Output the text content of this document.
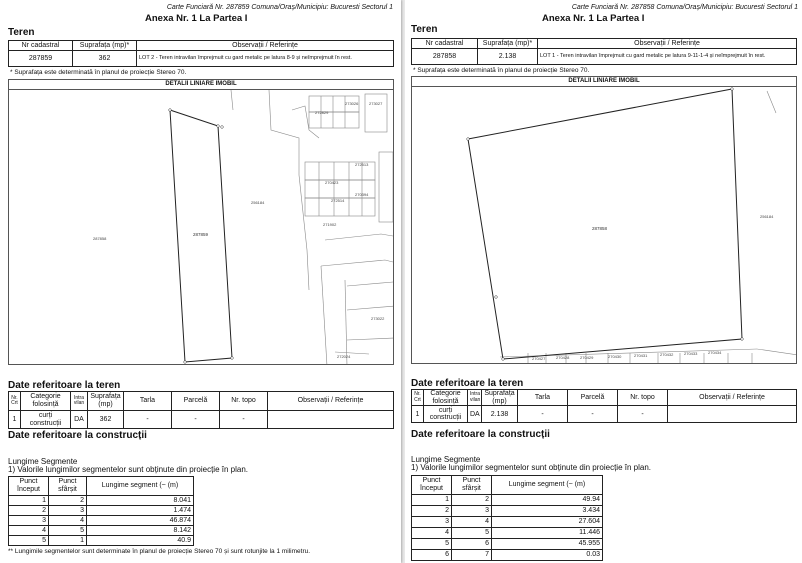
Carte Funciară Nr. 287859 Comuna/Oraș/Municipiu: Bucuresti Sectorul 1
Anexa Nr. 1 La Partea I
Teren
Nr cadastral	Suprafața (mp)*	Observații / Referințe
287859	362	LOT 2 - Teren intravilan împrejmuit cu gard metalic pe latura 8-9 și neîmprejmuit în rest.
* Suprafața este determinată în planul de proiecție Stereo 70.
DETALII LINIARE IMOBIL
287859
287858
256184
273026	273027
272829
272513
270423
270394
272514
271902
273022
272024
Date referitoare la teren
Nr. Crt	Categorie folosință	Intra vilan	Suprafața (mp)	Tarla	Parcelă	Nr. topo	Observații / Referințe
1	curți construcții	DA	362	-	-	-	
Date referitoare la construcții
Lungime Segmente
1) Valorile lungimilor segmentelor sunt obținute din proiecție în plan.
Punct început	Punct sfârșit	Lungime segment (~ (m)
1	2	8.041
2	3	1.474
3	4	46.874
4	5	8.142
5	1	40.9
** Lungimile segmentelor sunt determinate în planul de proiecție Stereo 70 și sunt rotunjite la 1 milimetru.
Carte Funciară Nr. 287858 Comuna/Oraș/Municipiu: Bucuresti Sectorul 1
Anexa Nr. 1 La Partea I
Teren
Nr cadastral	Suprafața (mp)*	Observații / Referințe
287858	2.138	LOT 1 - Teren intravilan împrejmuit cu gard metalic pe latura 9-11-1-4 și neîmprejmuit în rest.
* Suprafața este determinată în planul de proiecție Stereo 70.
DETALII LINIARE IMOBIL
287858
256184
270427	270428	270429	270430	270431	270432	270433	270434
Date referitoare la teren
Nr. Crt	Categorie folosință	Intra vilan	Suprafața (mp)	Tarla	Parcelă	Nr. topo	Observații / Referințe
1	curți construcții	DA	2.138	-	-	-	
Date referitoare la construcții
Lungime Segmente
1) Valorile lungimilor segmentelor sunt obținute din proiecție în plan.
Punct început	Punct sfârșit	Lungime segment (~ (m)
1	2	49.94
2	3	3.434
3	4	27.604
4	5	11.446
5	6	45.955
6	7	0.03
